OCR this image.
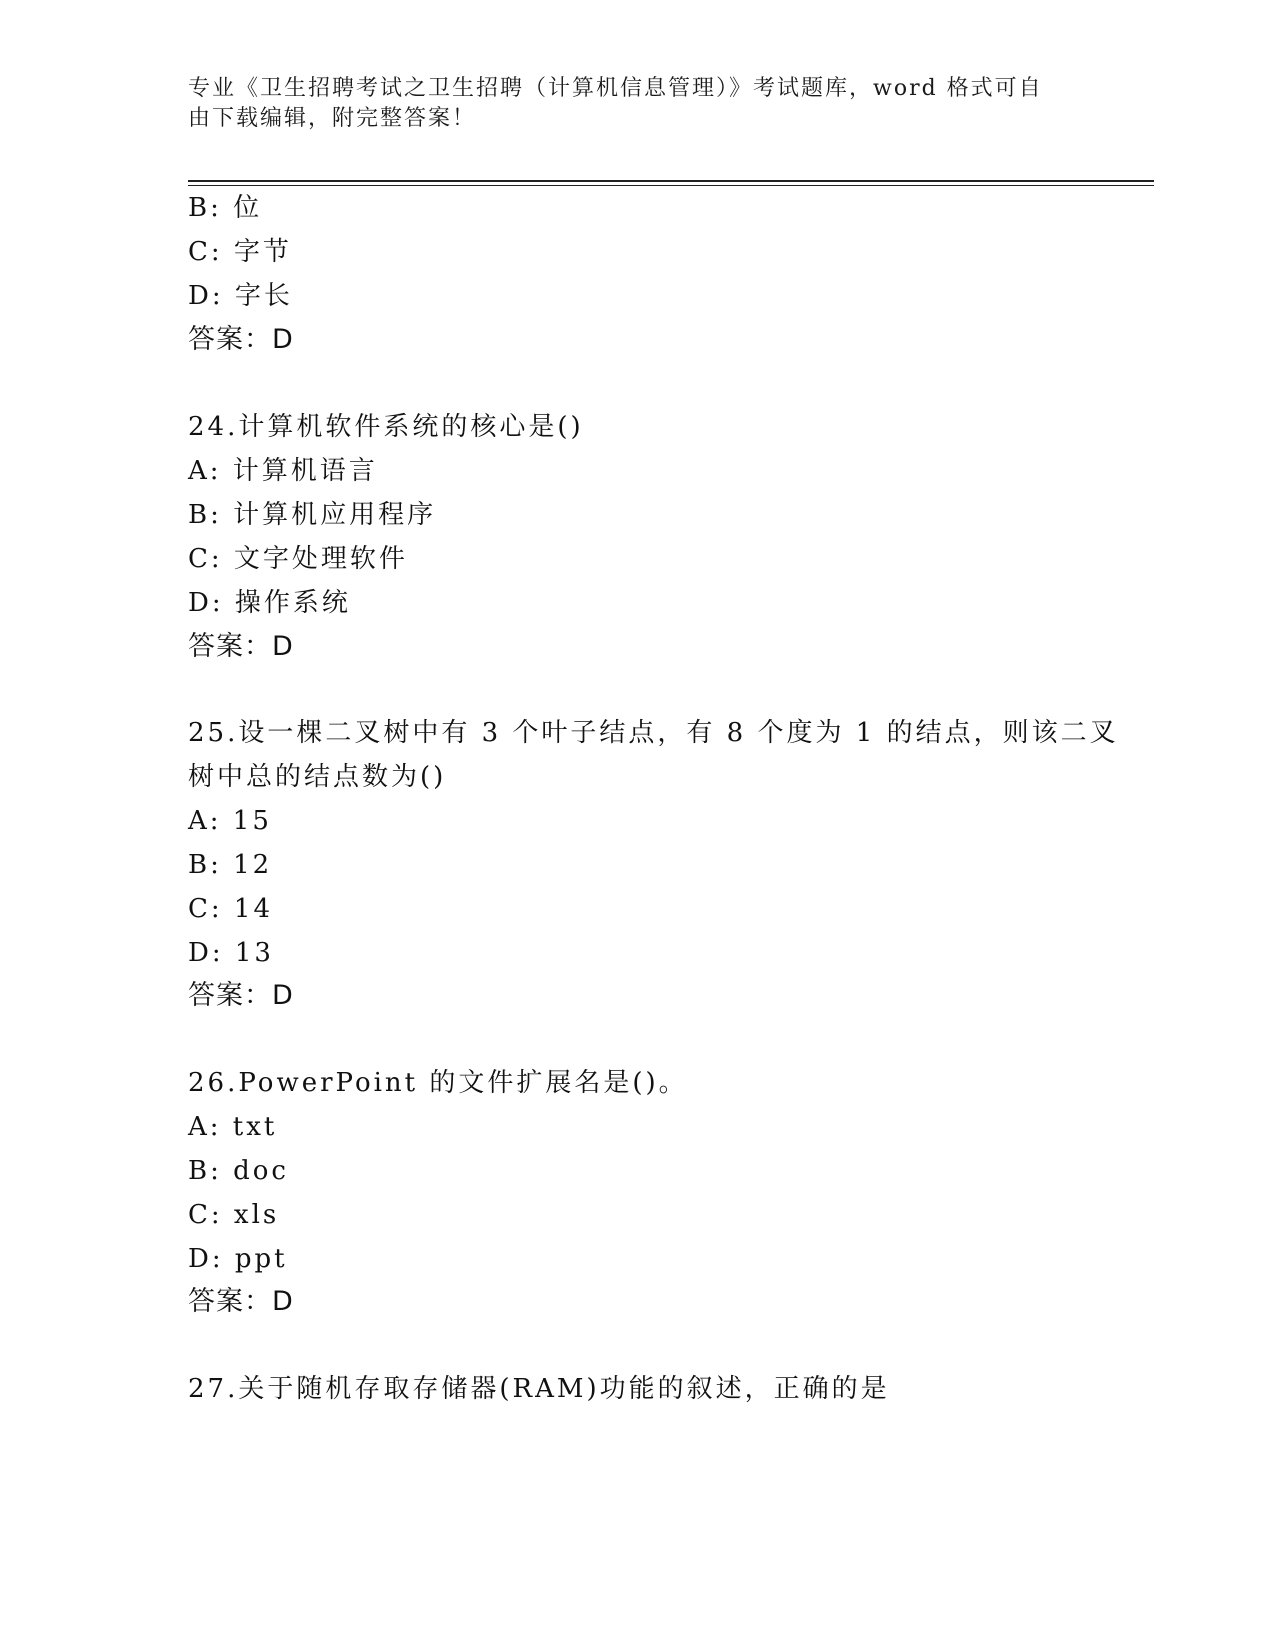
专业《卫生招聘考试之卫生招聘（计算机信息管理）》考试题库，word 格式可自
由下载编辑，附完整答案！
B: 位
C: 字节
D: 字长
答案：D
24.计算机软件系统的核心是()
A: 计算机语言
B: 计算机应用程序
C: 文字处理软件
D: 操作系统
答案：D
25.设一棵二叉树中有 3 个叶子结点，有 8 个度为 1 的结点，则该二叉
树中总的结点数为()
A: 15
B: 12
C: 14
D: 13
答案：D
26.PowerPoint 的文件扩展名是()。
A: txt
B: doc
C: xls
D: ppt
答案：D
27.关于随机存取存储器(RAM)功能的叙述，正确的是
